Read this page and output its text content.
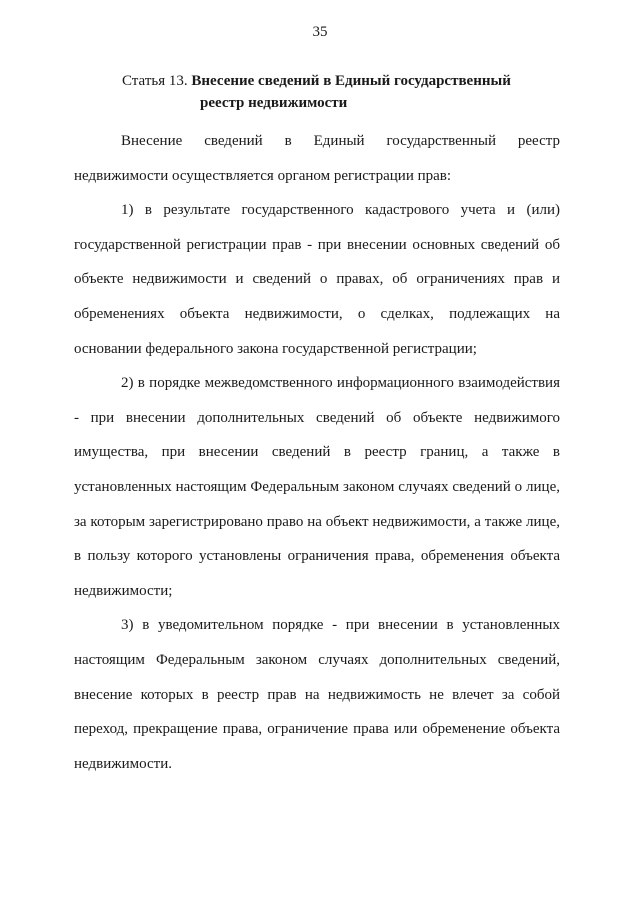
35
Статья 13. Внесение сведений в Единый государственный
реестр недвижимости

Внесение сведений в Единый государственный реестр недвижимости осуществляется органом регистрации прав:

1) в результате государственного кадастрового учета и (или) государственной регистрации прав - при внесении основных сведений об объекте недвижимости и сведений о правах, об ограничениях прав и обременениях объекта недвижимости, о сделках, подлежащих на основании федерального закона государственной регистрации;

2) в порядке межведомственного информационного взаимодействия - при внесении дополнительных сведений об объекте недвижимого имущества, при внесении сведений в реестр границ, а также в установленных настоящим Федеральным законом случаях сведений о лице, за которым зарегистрировано право на объект недвижимости, а также лице, в пользу которого установлены ограничения права, обременения объекта недвижимости;

3) в уведомительном порядке - при внесении в установленных настоящим Федеральным законом случаях дополнительных сведений, внесение которых в реестр прав на недвижимость не влечет за собой переход, прекращение права, ограничение права или обременение объекта недвижимости.
